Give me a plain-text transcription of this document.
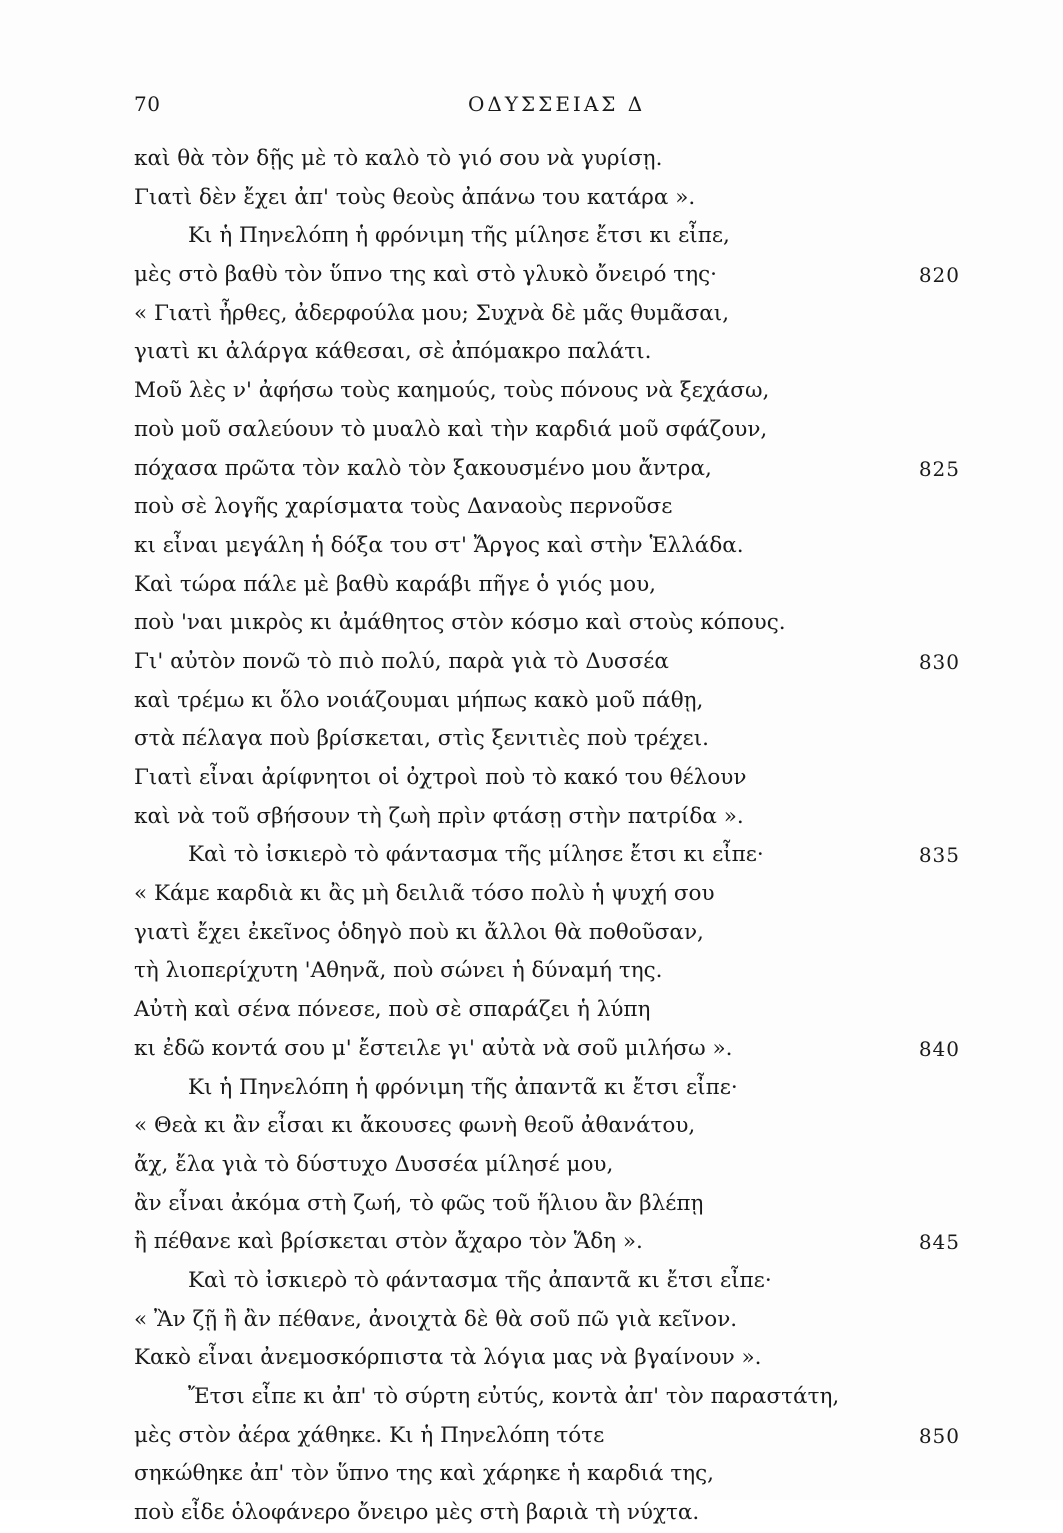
70	ΟΔΥΣΣΕΙΑΣ Δ
καὶ θὰ τὸν δῇς μὲ τὸ καλὸ τὸ γιό σου νὰ γυρίσῃ.
Γιατὶ δὲν ἔχει ἀπ' τοὺς θεοὺς ἀπάνω του κατάρα ».
Κι ἡ Πηνελόπη ἡ φρόνιμη τῆς μίλησε ἔτσι κι εἶπε,
μὲς στὸ βαθὺ τὸν ὕπνο της καὶ στὸ γλυκὸ ὄνειρό της·	820
« Γιατὶ ἦρθες, ἀδερφούλα μου; Συχνὰ δὲ μᾶς θυμᾶσαι,
γιατὶ κι ἀλάργα κάθεσαι, σὲ ἀπόμακρο παλάτι.
Μοῦ λὲς ν' ἀφήσω τοὺς καημούς, τοὺς πόνους νὰ ξεχάσω,
ποὺ μοῦ σαλεύουν τὸ μυαλὸ καὶ τὴν καρδιά μοῦ σφάζουν,
πόχασα πρῶτα τὸν καλὸ τὸν ξακουσμένο μου ἄντρα,	825
ποὺ σὲ λογῆς χαρίσματα τοὺς Δαναοὺς περνοῦσε
κι εἶναι μεγάλη ἡ δόξα του στ' Ἄργος καὶ στὴν Ἑλλάδα.
Καὶ τώρα πάλε μὲ βαθὺ καράβι πῆγε ὁ γιός μου,
ποὺ 'ναι μικρὸς κι ἀμάθητος στὸν κόσμο καὶ στοὺς κόπους.
Γι' αὐτὸν πονῶ τὸ πιὸ πολύ, παρὰ γιὰ τὸ Δυσσέα	830
καὶ τρέμω κι ὅλο νοιάζουμαι μήπως κακὸ μοῦ πάθῃ,
στὰ πέλαγα ποὺ βρίσκεται, στὶς ξενιτιὲς ποὺ τρέχει.
Γιατὶ εἶναι ἀρίφνητοι οἱ ὀχτροὶ ποὺ τὸ κακό του θέλουν
καὶ νὰ τοῦ σβήσουν τὴ ζωὴ πρὶν φτάσῃ στὴν πατρίδα ».
Καὶ τὸ ἰσκιερὸ τὸ φάντασμα τῆς μίλησε ἔτσι κι εἶπε·	835
« Κάμε καρδιὰ κι ἂς μὴ δειλιᾶ τόσο πολὺ ἡ ψυχή σου
γιατὶ ἔχει ἐκεῖνος ὁδηγὸ ποὺ κι ἄλλοι θὰ ποθοῦσαν,
τὴ λιοπερίχυτη 'Αθηνᾶ, ποὺ σώνει ἡ δύναμή της.
Αὐτὴ καὶ σένα πόνεσε, ποὺ σὲ σπαράζει ἡ λύπη
κι ἐδῶ κοντά σου μ' ἔστειλε γι' αὐτὰ νὰ σοῦ μιλήσω ».	840
Κι ἡ Πηνελόπη ἡ φρόνιμη τῆς ἀπαντᾶ κι ἔτσι εἶπε·
« Θεὰ κι ἂν εἶσαι κι ἄκουσες φωνὴ θεοῦ ἀθανάτου,
ἄχ, ἔλα γιὰ τὸ δύστυχο Δυσσέα μίλησέ μου,
ἂν εἶναι ἀκόμα στὴ ζωή, τὸ φῶς τοῦ ἥλιου ἂν βλέπῃ
ἢ πέθανε καὶ βρίσκεται στὸν ἄχαρο τὸν Ἅδη ».	845
Καὶ τὸ ἰσκιερὸ τὸ φάντασμα τῆς ἀπαντᾶ κι ἔτσι εἶπε·
« Ἂν ζῇ ἢ ἂν πέθανε, ἀνοιχτὰ δὲ θὰ σοῦ πῶ γιὰ κεῖνον.
Κακὸ εἶναι ἀνεμοσκόρπιστα τὰ λόγια μας νὰ βγαίνουν ».
Ἔτσι εἶπε κι ἀπ' τὸ σύρτη εὐτύς, κοντὰ ἀπ' τὸν παραστάτη,
μὲς στὸν ἀέρα χάθηκε. Κι ἡ Πηνελόπη τότε	850
σηκώθηκε ἀπ' τὸν ὕπνο της καὶ χάρηκε ἡ καρδιά της,
ποὺ εἶδε ὁλοφάνερο ὄνειρο μὲς στὴ βαριὰ τὴ νύχτα.
